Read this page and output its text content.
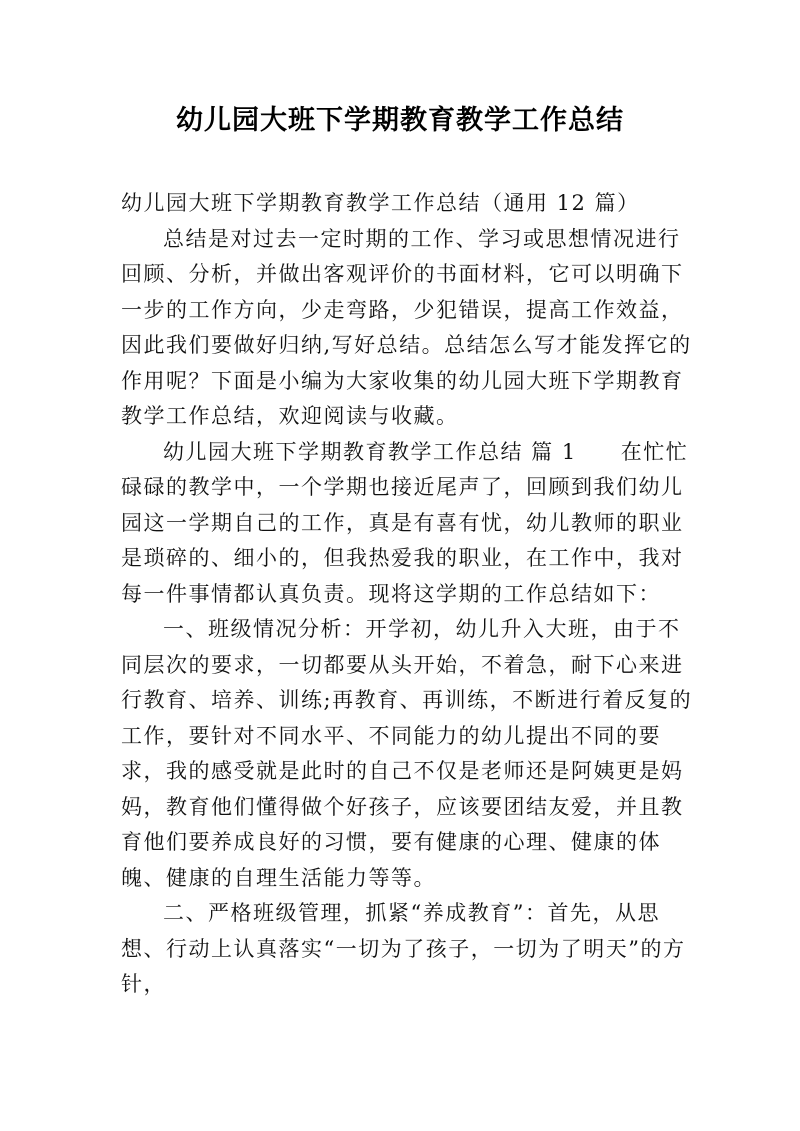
幼儿园大班下学期教育教学工作总结

幼儿园大班下学期教育教学工作总结（通用 12 篇）

总结是对过去一定时期的工作、学习或思想情况进行回顾、分析，并做出客观评价的书面材料，它可以明确下一步的工作方向，少走弯路，少犯错误，提高工作效益，因此我们要做好归纳,写好总结。总结怎么写才能发挥它的作用呢？下面是小编为大家收集的幼儿园大班下学期教育教学工作总结，欢迎阅读与收藏。

幼儿园大班下学期教育教学工作总结 篇 1 在忙忙碌碌的教学中，一个学期也接近尾声了，回顾到我们幼儿园这一学期自己的工作，真是有喜有忧，幼儿教师的职业是琐碎的、细小的，但我热爱我的职业，在工作中，我对每一件事情都认真负责。现将这学期的工作总结如下：

一、班级情况分析：开学初，幼儿升入大班，由于不同层次的要求，一切都要从头开始，不着急，耐下心来进行教育、培养、训练;再教育、再训练，不断进行着反复的工作，要针对不同水平、不同能力的幼儿提出不同的要求，我的感受就是此时的自己不仅是老师还是阿姨更是妈妈，教育他们懂得做个好孩子，应该要团结友爱，并且教育他们要养成良好的习惯，要有健康的心理、健康的体魄、健康的自理生活能力等等。

二、严格班级管理，抓紧“养成教育”：首先，从思想、行动上认真落实“一切为了孩子，一切为了明天”的方针，
